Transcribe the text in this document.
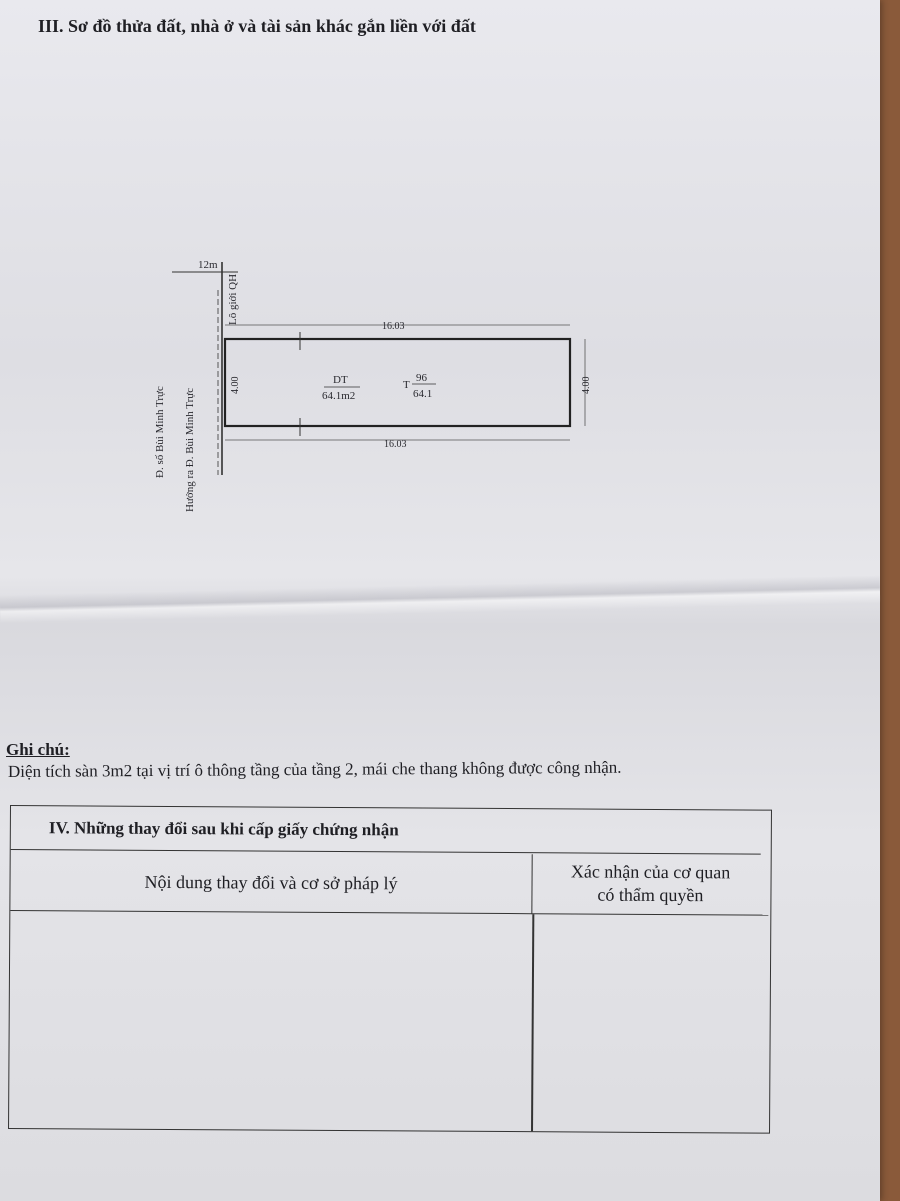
III. Sơ đồ thửa đất, nhà ở và tài sản khác gắn liền với đất
12m
Lô giới QH
Đ. số Bùi Minh Trực Hướng ra Đ. Bùi Minh Trực
16.03
16.03
4.00	4.00
DT
64.1m2
T
96
64.1
Ghi chú:
Diện tích sàn 3m2 tại vị trí ô thông tầng của tầng 2, mái che thang không được công nhận.
IV. Những thay đổi sau khi cấp giấy chứng nhận
Nội dung thay đổi và cơ sở pháp lý	Xác nhận của cơ quan
có thẩm quyền
